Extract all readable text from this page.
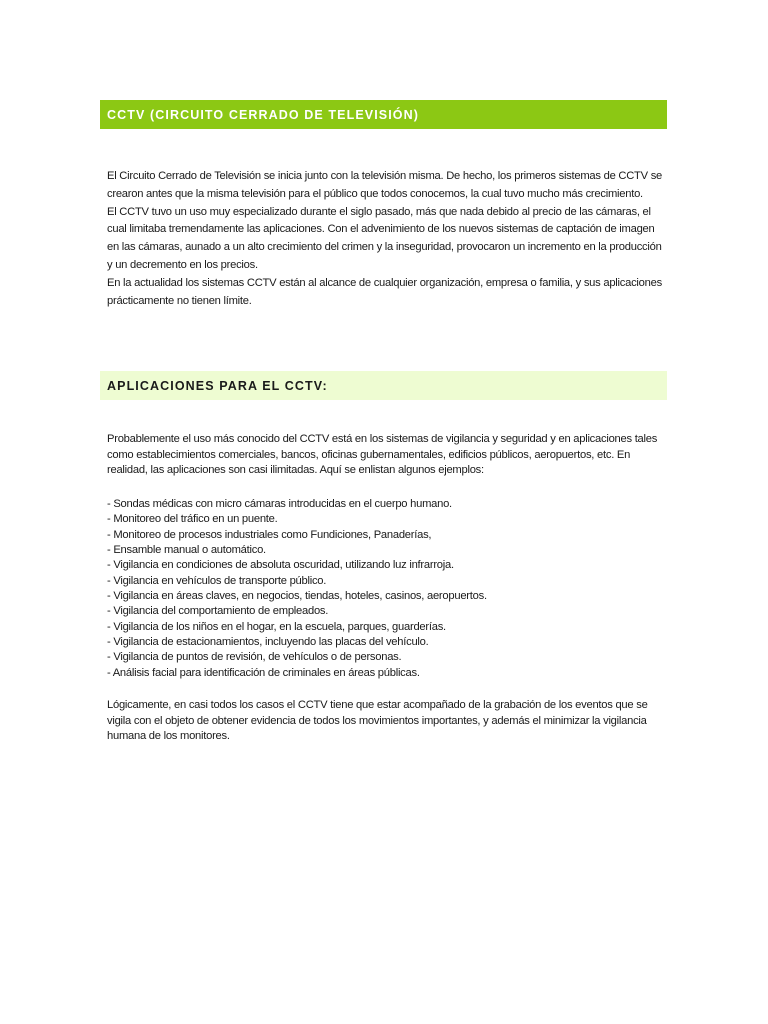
CCTV (CIRCUITO CERRADO DE TELEVISIÓN)
El Circuito Cerrado de Televisión se inicia junto con la televisión misma. De hecho, los primeros sistemas de CCTV se crearon antes que la misma televisión para el público que todos conocemos, la cual tuvo mucho más crecimiento.
El CCTV tuvo un uso muy especializado durante el siglo pasado, más que nada debido al precio de las cámaras, el cual limitaba tremendamente las aplicaciones. Con el advenimiento de los nuevos sistemas de captación de imagen en las cámaras, aunado a un alto crecimiento del crimen y la inseguridad, provocaron un incremento en la producción y un decremento en los precios.
En la actualidad los sistemas CCTV están al alcance de cualquier organización, empresa o familia, y sus aplicaciones prácticamente no tienen límite.
APLICACIONES PARA EL CCTV:
Probablemente el uso más conocido del CCTV está en los sistemas de vigilancia y seguridad y en aplicaciones tales como establecimientos comerciales, bancos, oficinas gubernamentales, edificios públicos, aeropuertos, etc. En realidad, las aplicaciones son casi ilimitadas. Aquí se enlistan algunos ejemplos:
- Sondas médicas con micro cámaras introducidas en el cuerpo humano.
- Monitoreo del tráfico en un puente.
- Monitoreo de procesos industriales como Fundiciones, Panaderías,
- Ensamble manual o automático.
- Vigilancia en condiciones de absoluta oscuridad, utilizando luz infrarroja.
- Vigilancia en vehículos de transporte público.
- Vigilancia en áreas claves, en negocios, tiendas, hoteles, casinos, aeropuertos.
- Vigilancia del comportamiento de empleados.
- Vigilancia de los niños en el hogar, en la escuela, parques, guarderías.
- Vigilancia de estacionamientos, incluyendo las placas del vehículo.
- Vigilancia de puntos de revisión, de vehículos o de personas.
- Análisis facial para identificación de criminales en áreas públicas.
Lógicamente, en casi todos los casos el CCTV tiene que estar acompañado de la grabación de los eventos que se vigila con el objeto de obtener evidencia de todos los movimientos importantes, y además el minimizar la vigilancia humana de los monitores.
